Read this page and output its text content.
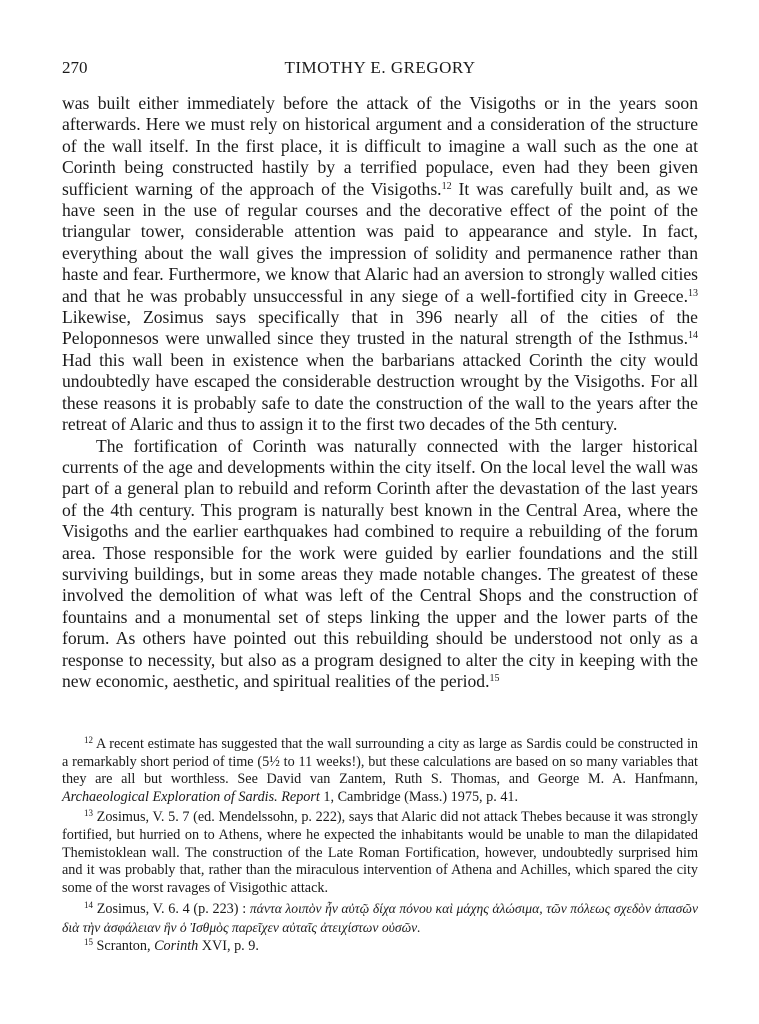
270	TIMOTHY E. GREGORY

was built either immediately before the attack of the Visigoths or in the years soon afterwards. Here we must rely on historical argument and a consideration of the structure of the wall itself. In the first place, it is difficult to imagine a wall such as the one at Corinth being constructed hastily by a terrified populace, even had they been given sufficient warning of the approach of the Visigoths.$^{12}$ It was carefully built and, as we have seen in the use of regular courses and the decorative effect of the point of the triangular tower, considerable attention was paid to appearance and style. In fact, everything about the wall gives the impression of solidity and permanence rather than haste and fear. Furthermore, we know that Alaric had an aversion to strongly walled cities and that he was probably unsuccessful in any siege of a well-fortified city in Greece.$^{13}$ Likewise, Zosimus says specifically that in 396 nearly all of the cities of the Peloponnesos were unwalled since they trusted in the natural strength of the Isthmus.$^{14}$ Had this wall been in existence when the barbarians attacked Corinth the city would undoubtedly have escaped the considerable destruction wrought by the Visigoths. For all these reasons it is probably safe to date the construction of the wall to the years after the retreat of Alaric and thus to assign it to the first two decades of the 5th century.

The fortification of Corinth was naturally connected with the larger historical currents of the age and developments within the city itself. On the local level the wall was part of a general plan to rebuild and reform Corinth after the devastation of the last years of the 4th century. This program is naturally best known in the Central Area, where the Visigoths and the earlier earthquakes had combined to require a rebuilding of the forum area. Those responsible for the work were guided by earlier foundations and the still surviving buildings, but in some areas they made notable changes. The greatest of these involved the demolition of what was left of the Central Shops and the construction of fountains and a monumental set of steps linking the upper and the lower parts of the forum. As others have pointed out this rebuilding should be understood not only as a response to necessity, but also as a program designed to alter the city in keeping with the new economic, aesthetic, and spiritual realities of the period.$^{15}$

$^{12}$ A recent estimate has suggested that the wall surrounding a city as large as Sardis could be constructed in a remarkably short period of time (5½ to 11 weeks!), but these calculations are based on so many variables that they are all but worthless. See David van Zantem, Ruth S. Thomas, and George M. A. Hanfmann, Archaeological Exploration of Sardis. Report 1, Cambridge (Mass.) 1975, p. 41.

$^{13}$ Zosimus, V. 5. 7 (ed. Mendelssohn, p. 222), says that Alaric did not attack Thebes because it was strongly fortified, but hurried on to Athens, where he expected the inhabitants would be unable to man the dilapidated Themistoklean wall. The construction of the Late Roman Fortification, however, undoubtedly surprised him and it was probably that, rather than the miraculous intervention of Athena and Achilles, which spared the city some of the worst ravages of Visigothic attack.

$^{14}$ Zosimus, V. 6. 4 (p. 223) : πάντα λοιπὸν ἦν αὐτῷ δίχα πόνου καὶ μάχης ἁλώσιμα, τῶν πόλεως σχεδὸν ἁπασῶν διὰ τὴν ἀσφάλειαν ἣν ὁ Ἰσθμὸς παρεῖχεν αὐταῖς ἀτειχίστων οὐσῶν.

$^{15}$ Scranton, Corinth XVI, p. 9.
